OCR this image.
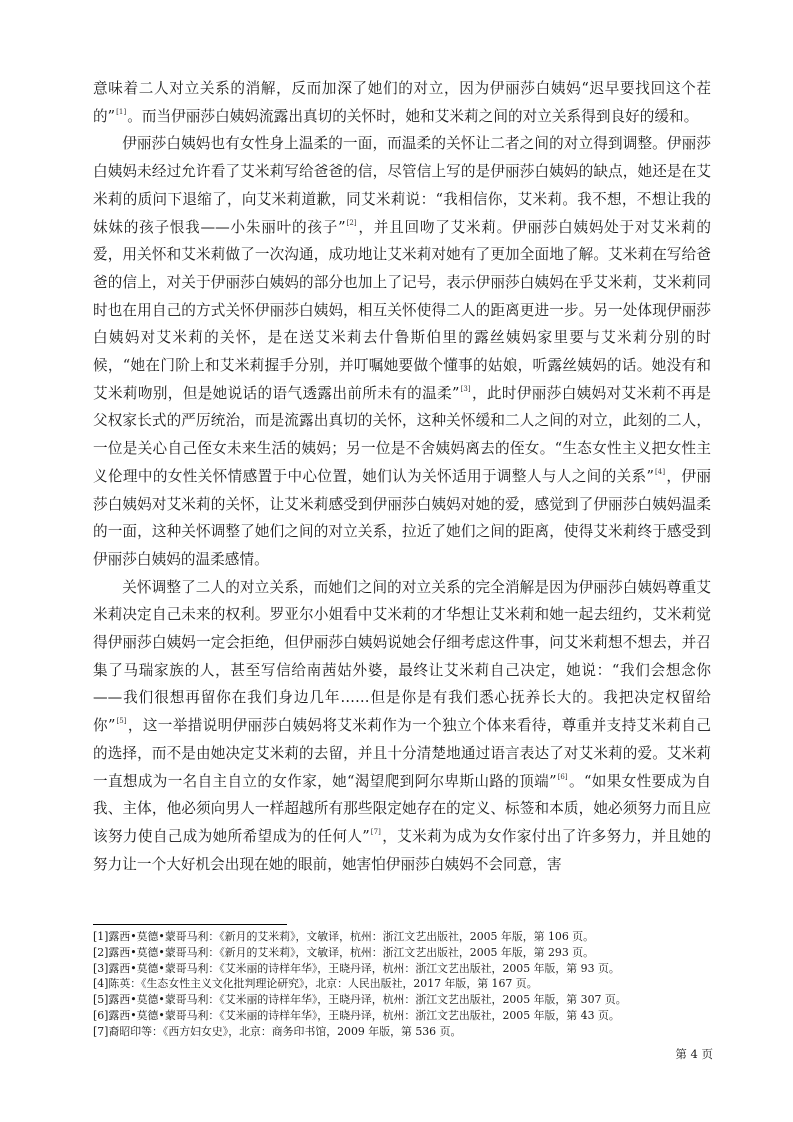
意味着二人对立关系的消解，反而加深了她们的对立，因为伊丽莎白姨妈“迟早要找回这个茬的”[1]。而当伊丽莎白姨妈流露出真切的关怀时，她和艾米莉之间的对立关系得到良好的缓和。

伊丽莎白姨妈也有女性身上温柔的一面，而温柔的关怀让二者之间的对立得到调整。伊丽莎白姨妈未经过允许看了艾米莉写给爸爸的信，尽管信上写的是伊丽莎白姨妈的缺点，她还是在艾米莉的质问下退缩了，向艾米莉道歉，同艾米莉说：“我相信你，艾米莉。我不想，不想让我的妹妹的孩子恨我——小朱丽叶的孩子”[2]，并且回吻了艾米莉。伊丽莎白姨妈处于对艾米莉的爱，用关怀和艾米莉做了一次沟通，成功地让艾米莉对她有了更加全面地了解。艾米莉在写给爸爸的信上，对关于伊丽莎白姨妈的部分也加上了记号，表示伊丽莎白姨妈在乎艾米莉，艾米莉同时也在用自己的方式关怀伊丽莎白姨妈，相互关怀使得二人的距离更进一步。另一处体现伊丽莎白姨妈对艾米莉的关怀，是在送艾米莉去什鲁斯伯里的露丝姨妈家里要与艾米莉分别的时候，“她在门阶上和艾米莉握手分别，并叮嘱她要做个懂事的姑娘，听露丝姨妈的话。她没有和艾米莉吻别，但是她说话的语气透露出前所未有的温柔”[3]，此时伊丽莎白姨妈对艾米莉不再是父权家长式的严厉统治，而是流露出真切的关怀，这种关怀缓和二人之间的对立，此刻的二人，一位是关心自己侄女未来生活的姨妈；另一位是不舍姨妈离去的侄女。“生态女性主义把女性主义伦理中的女性关怀情感置于中心位置，她们认为关怀适用于调整人与人之间的关系”[4]，伊丽莎白姨妈对艾米莉的关怀，让艾米莉感受到伊丽莎白姨妈对她的爱，感觉到了伊丽莎白姨妈温柔的一面，这种关怀调整了她们之间的对立关系，拉近了她们之间的距离，使得艾米莉终于感受到伊丽莎白姨妈的温柔感情。

关怀调整了二人的对立关系，而她们之间的对立关系的完全消解是因为伊丽莎白姨妈尊重艾米莉决定自己未来的权利。罗亚尔小姐看中艾米莉的才华想让艾米莉和她一起去纽约，艾米莉觉得伊丽莎白姨妈一定会拒绝，但伊丽莎白姨妈说她会仔细考虑这件事，问艾米莉想不想去，并召集了马瑞家族的人，甚至写信给南茜姑外婆，最终让艾米莉自己决定，她说：“我们会想念你——我们很想再留你在我们身边几年……但是你是有我们悉心抚养长大的。我把决定权留给你”[5]，这一举措说明伊丽莎白姨妈将艾米莉作为一个独立个体来看待，尊重并支持艾米莉自己的选择，而不是由她决定艾米莉的去留，并且十分清楚地通过语言表达了对艾米莉的爱。艾米莉一直想成为一名自主自立的女作家，她“渴望爬到阿尔卑斯山路的顶端”[6]。“如果女性要成为自我、主体，他必须向男人一样超越所有那些限定她存在的定义、标签和本质，她必须努力而且应该努力使自己成为她所希望成为的任何人”[7]，艾米莉为成为女作家付出了许多努力，并且她的努力让一个大好机会出现在她的眼前，她害怕伊丽莎白姨妈不会同意，害

[1]露西•莫德•蒙哥马利：《新月的艾米莉》，文敏译，杭州：浙江文艺出版社，2005 年版，第 106 页。
[2]露西•莫德•蒙哥马利：《新月的艾米莉》，文敏译，杭州：浙江文艺出版社，2005 年版，第 293 页。
[3]露西•莫德•蒙哥马利：《艾米丽的诗样年华》，王晓丹译，杭州：浙江文艺出版社，2005 年版，第 93 页。
[4]陈英：《生态女性主义文化批判理论研究》，北京：人民出版社，2017 年版，第 167 页。
[5]露西•莫德•蒙哥马利：《艾米丽的诗样年华》，王晓丹译，杭州：浙江文艺出版社，2005 年版，第 307 页。
[6]露西•莫德•蒙哥马利：《艾米丽的诗样年华》，王晓丹译，杭州：浙江文艺出版社，2005 年版，第 43 页。
[7]裔昭印等：《西方妇女史》，北京：商务印书馆，2009 年版，第 536 页。
第 4 页
